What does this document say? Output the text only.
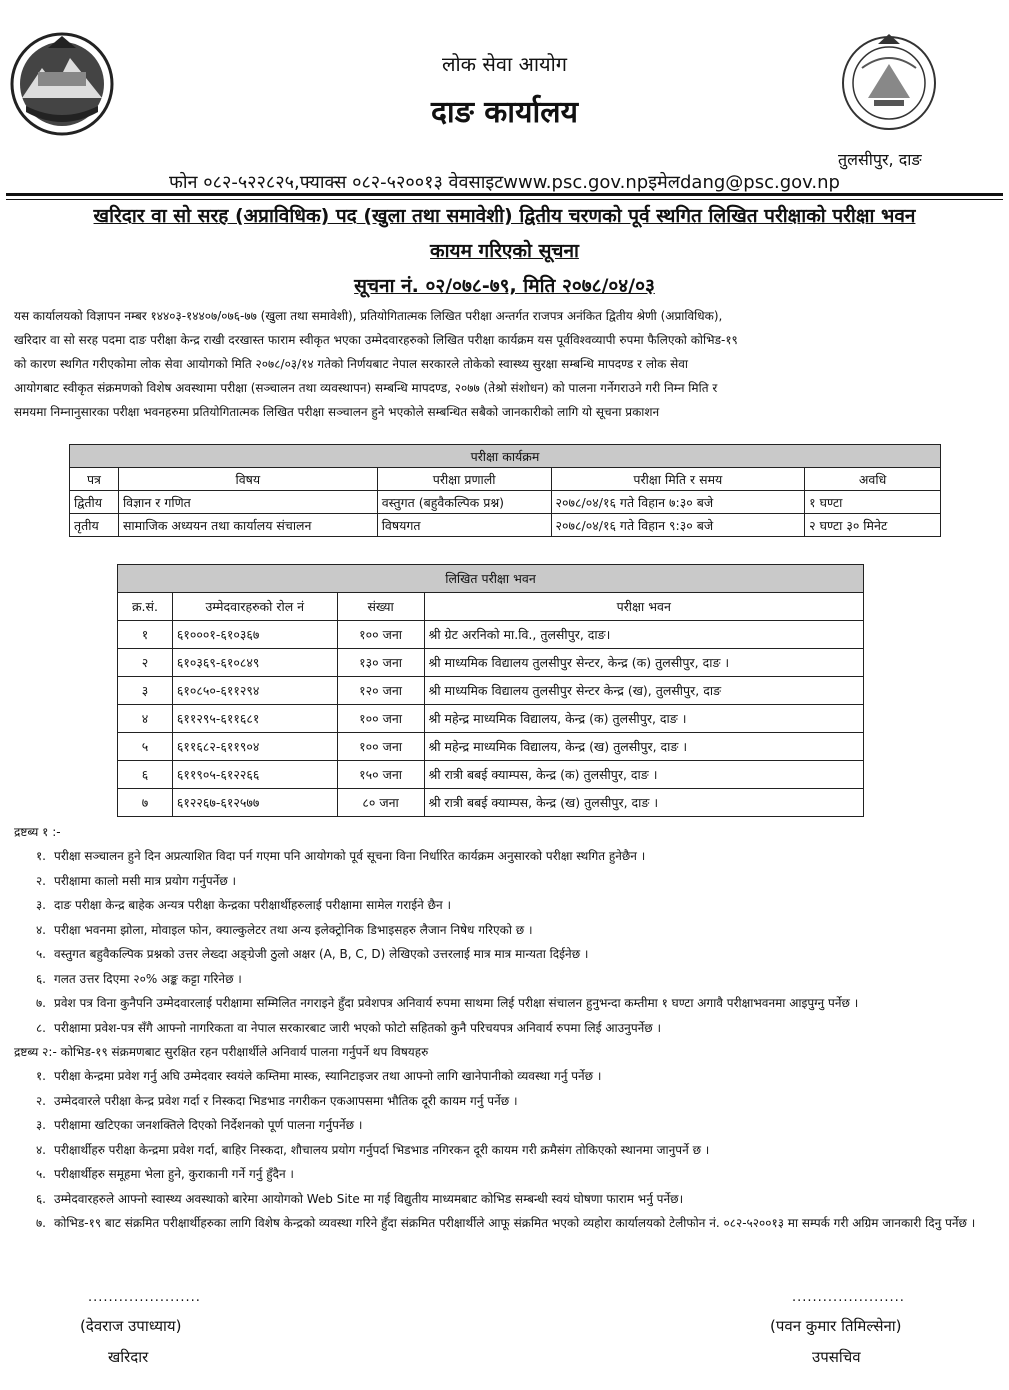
लोक सेवा आयोग
दाङ कार्यालय
तुलसीपुर, दाङ
फोन ०८२-५२२८२५,फ्याक्स ०८२-५२००१३ वेवसाइटwww.psc.gov.npइमेलdang@psc.gov.np
खरिदार वा सो सरह (अप्राविधिक) पद (खुला तथा समावेशी) द्वितीय चरणको पूर्व स्थगित लिखित परीक्षाको परीक्षा भवन
कायम गरिएको सूचना
सूचना नं. ०२/०७८-७९, मिति २०७८/०४/०३

यस कार्यालयको विज्ञापन नम्बर १४४०३-१४४०७/०७६-७७ (खुला तथा समावेशी), प्रतियोगितात्मक लिखित परीक्षा अन्तर्गत राजपत्र अनंकित द्वितीय श्रेणी (अप्राविधिक),

खरिदार वा सो सरह पदमा दाङ परीक्षा केन्द्र राखी दरखास्त फाराम स्वीकृत भएका उम्मेदवारहरुको लिखित परीक्षा कार्यक्रम यस पूर्वविश्वव्यापी रुपमा फैलिएको कोभिड-१९

को कारण स्थगित गरीएकोमा लोक सेवा आयोगको मिति २०७८/०३/१४ गतेको निर्णयबाट नेपाल सरकारले तोकेको स्वास्थ्य सुरक्षा सम्बन्धि मापदण्ड र लोक सेवा

आयोगबाट स्वीकृत संक्रमणको विशेष अवस्थामा परीक्षा (सञ्चालन तथा व्यवस्थापन) सम्बन्धि मापदण्ड, २०७७ (तेश्रो संशोधन) को पालना गर्नेगराउने गरी निम्न मिति र

समयमा निम्नानुसारका परीक्षा भवनहरुमा प्रतियोगितात्मक लिखित परीक्षा सञ्चालन हुने भएकोले सम्बन्धित सबैको जानकारीको लागि यो सूचना प्रकाशन

परीक्षा कार्यक्रम				
पत्र	विषय	परीक्षा प्रणाली	परीक्षा मिति र समय	अवधि
द्वितीय	विज्ञान र गणित	वस्तुगत (बहुवैकल्पिक प्रश्न)	२०७८/०४/१६ गते विहान ७:३० बजे	१ घण्टा
तृतीय	सामाजिक अध्ययन तथा कार्यालय संचालन	विषयगत	२०७८/०४/१६ गते विहान ९:३० बजे	२ घण्टा ३० मिनेट
लिखित परीक्षा भवन			
क्र.सं.	उम्मेदवारहरुको रोल नं	संख्या	परीक्षा भवन
१	६१०००१-६१०३६७	१०० जना	श्री ग्रेट अरनिको मा.वि., तुलसीपुर, दाङ।
२	६१०३६९-६१०८४९	१३० जना	श्री माध्यमिक विद्यालय तुलसीपुर सेन्टर, केन्द्र (क) तुलसीपुर, दाङ ।
३	६१०८५०-६११२९४	१२० जना	श्री माध्यमिक विद्यालय तुलसीपुर सेन्टर केन्द्र (ख), तुलसीपुर, दाङ
४	६११२९५-६११६८१	१०० जना	श्री महेन्द्र माध्यमिक विद्यालय, केन्द्र (क) तुलसीपुर, दाङ ।
५	६११६८२-६११९०४	१०० जना	श्री महेन्द्र माध्यमिक विद्यालय, केन्द्र (ख) तुलसीपुर, दाङ ।
६	६११९०५-६१२२६६	१५० जना	श्री रात्री बबई क्याम्पस, केन्द्र (क) तुलसीपुर, दाङ ।
७	६१२२६७-६१२५७७	८० जना	श्री रात्री बबई क्याम्पस, केन्द्र (ख) तुलसीपुर, दाङ ।
द्रष्टब्य १ :-
१. परीक्षा सञ्चालन हुने दिन अप्रत्याशित विदा पर्न गएमा पनि आयोगको पूर्व सूचना विना निर्धारित कार्यक्रम अनुसारको परीक्षा स्थगित हुनेछैन ।
२. परीक्षामा कालो मसी मात्र प्रयोग गर्नुपर्नेछ ।
३. दाङ परीक्षा केन्द्र बाहेक अन्यत्र परीक्षा केन्द्रका परीक्षार्थीहरुलाई परीक्षामा सामेल गराईने छैन ।
४. परीक्षा भवनमा झोला, मोवाइल फोन, क्याल्कुलेटर तथा अन्य इलेक्ट्रोनिक डिभाइसहरु लैजान निषेध गरिएको छ ।
५. वस्तुगत बहुवैकल्पिक प्रश्नको उत्तर लेख्दा अङ्ग्रेजी ठुलो अक्षर (A, B, C, D) लेखिएको उत्तरलाई मात्र मात्र मान्यता दिईनेछ ।
६. गलत उत्तर दिएमा २०% अङ्क कट्टा गरिनेछ ।
७. प्रवेश पत्र विना कुनैपनि उम्मेदवारलाई परीक्षामा सम्मिलित नगराइने हुँदा प्रवेशपत्र अनिवार्य रुपमा साथमा लिई परीक्षा संचालन हुनुभन्दा कम्तीमा १ घण्टा अगावै परीक्षाभवनमा आइपुग्नु पर्नेछ ।
८. परीक्षामा प्रवेश-पत्र सँगै आफ्नो नागरिकता वा नेपाल सरकारबाट जारी भएको फोटो सहितको कुनै परिचयपत्र अनिवार्य रुपमा लिई आउनुपर्नेछ ।
द्रष्टब्य २:- कोभिड-१९ संक्रमणबाट सुरक्षित रहन परीक्षार्थीले अनिवार्य पालना गर्नुपर्ने थप विषयहरु
१. परीक्षा केन्द्रमा प्रवेश गर्नु अघि उम्मेदवार स्वयंले कम्तिमा मास्क, स्यानिटाइजर तथा आफ्नो लागि खानेपानीको व्यवस्था गर्नु पर्नेछ ।
२. उम्मेदवारले परीक्षा केन्द्र प्रवेश गर्दा र निस्कदा भिडभाड नगरीकन एकआपसमा भौतिक दूरी कायम गर्नु पर्नेछ ।
३. परीक्षामा खटिएका जनशक्तिले दिएको निर्देशनको पूर्ण पालना गर्नुपर्नेछ ।
४. परीक्षार्थीहरु परीक्षा केन्द्रमा प्रवेश गर्दा, बाहिर निस्कदा, शौचालय प्रयोग गर्नुपर्दा भिडभाड नगिरकन दूरी कायम गरी क्रमैसंग तोकिएको स्थानमा जानुपर्ने छ ।
५. परीक्षार्थीहरु समूहमा भेला हुने, कुराकानी गर्ने गर्नु हुँदैन ।
६. उम्मेदवारहरुले आफ्नो स्वास्थ्य अवस्थाको बारेमा आयोगको Web Site मा गई विद्युतीय माध्यमबाट कोभिड सम्बन्धी स्वयं घोषणा फाराम भर्नु पर्नेछ।
७. कोभिड-१९ बाट संक्रमित परीक्षार्थीहरुका लागि विशेष केन्द्रको व्यवस्था गरिने हुँदा संक्रमित परीक्षार्थीले आफू संक्रमित भएको व्यहोरा कार्यालयको टेलीफोन नं. ०८२-५२००१३ मा सम्पर्क गरी अग्रिम जानकारी दिनु पर्नेछ ।
......................
(देवराज उपाध्याय)
खरिदार
......................
(पवन कुमार तिमिल्सेना)
उपसचिव
